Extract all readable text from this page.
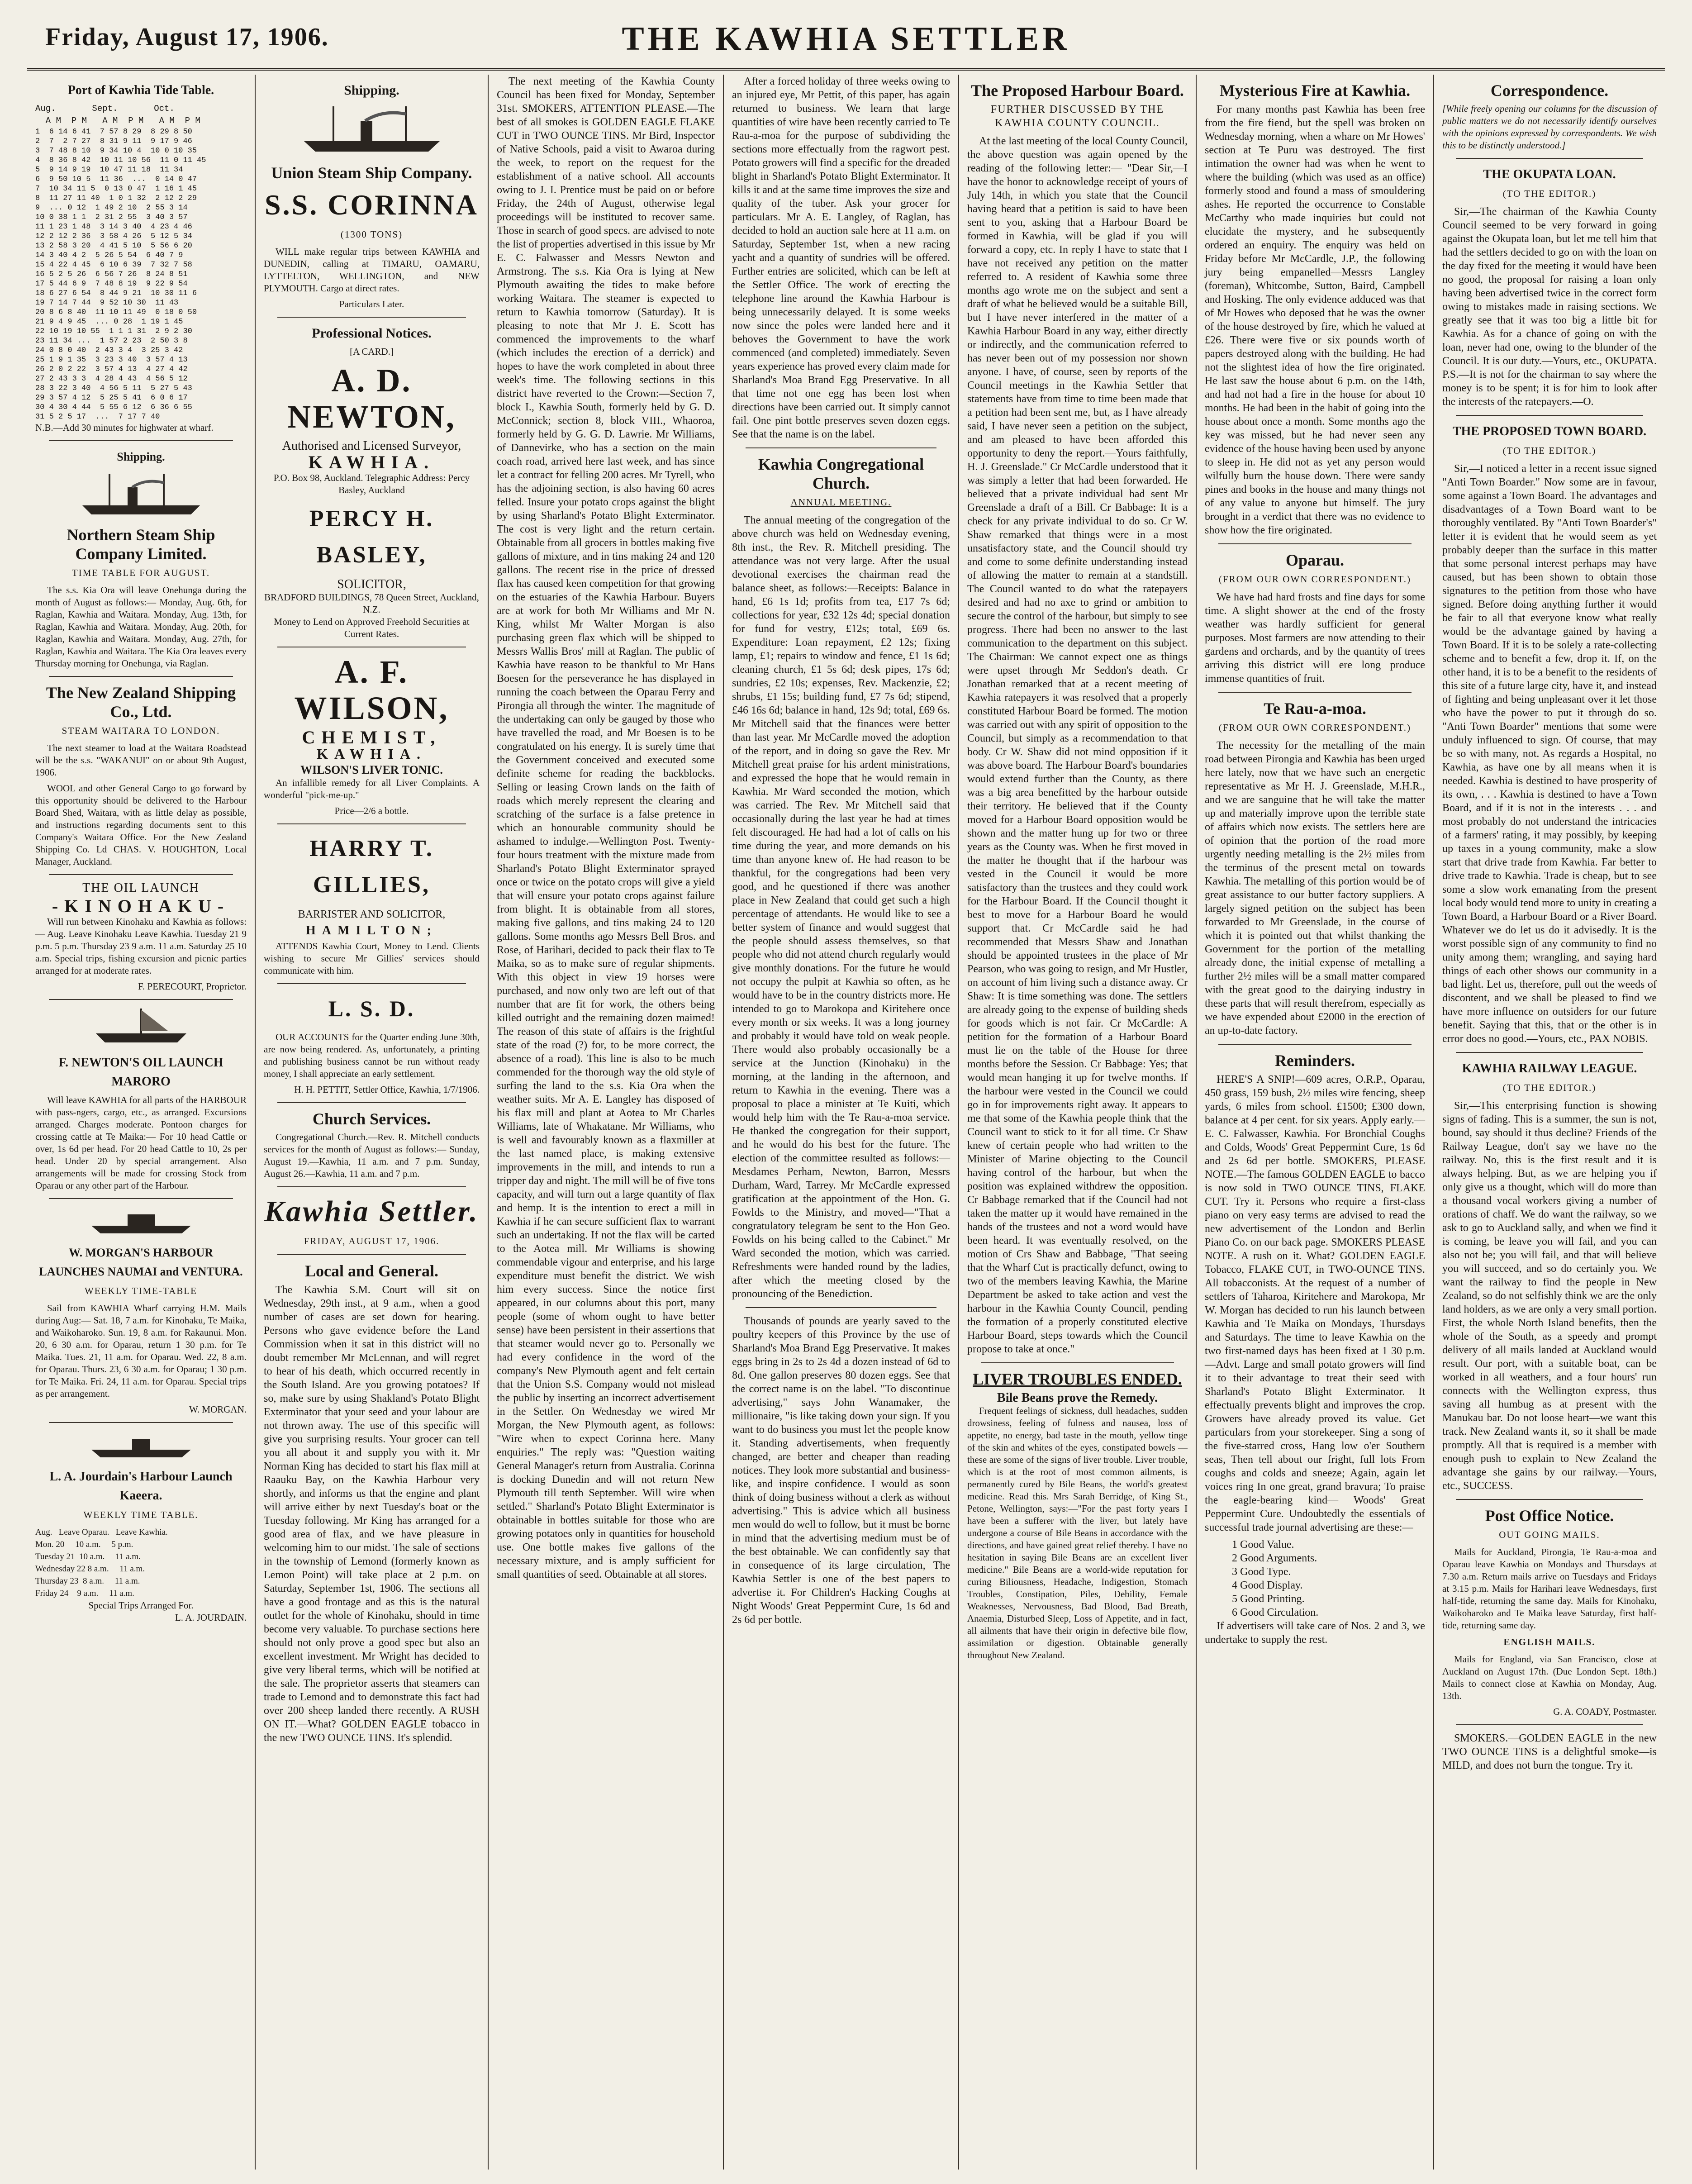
Friday, August 17, 1906.	THE KAWHIA SETTLER
Port of Kawhia Tide Table.
Aug.       Sept.       Oct.
A M  P M   A M  P M   A M  P M
1  6 14 6 41  7 57 8 29  8 29 8 50
2  7  2 7 27  8 31 9 11  9 17 9 46
3  7 48 8 10  9 34 10 4  10 0 10 35
4  8 36 8 42  10 11 10 56  11 0 11 45
5  9 14 9 19  10 47 11 18  11 34
6  9 50 10 5  11 36  ...  0 14 0 47
7  10 34 11 5  0 13 0 47  1 16 1 45
8  11 27 11 40  1 0 1 32  2 12 2 29
9  ... 0 12  1 49 2 10  2 55 3 14
10 0 38 1 1  2 31 2 55  3 40 3 57
11 1 23 1 48  3 14 3 40  4 23 4 46
12 2 12 2 36  3 58 4 26  5 12 5 34
13 2 58 3 20  4 41 5 10  5 56 6 20
14 3 40 4 2  5 26 5 54  6 40 7 9
15 4 22 4 45  6 10 6 39  7 32 7 58
16 5 2 5 26  6 56 7 26  8 24 8 51
17 5 44 6 9  7 48 8 19  9 22 9 54
18 6 27 6 54  8 44 9 21  10 30 11 6
19 7 14 7 44  9 52 10 30  11 43
20 8 6 8 40  11 10 11 49  0 18 0 50
21 9 4 9 45  ... 0 28  1 19 1 45
22 10 19 10 55  1 1 1 31  2 9 2 30
23 11 34 ...  1 57 2 23  2 50 3 8
24 0 8 0 40  2 43 3 4  3 25 3 42
25 1 9 1 35  3 23 3 40  3 57 4 13
26 2 0 2 22  3 57 4 13  4 27 4 42
27 2 43 3 3  4 28 4 43  4 56 5 12
28 3 22 3 40  4 56 5 11  5 27 5 43
29 3 57 4 12  5 25 5 41  6 0 6 17
30 4 30 4 44  5 55 6 12  6 36 6 55
31 5 2 5 17  ...  7 17 7 40
N.B.—Add 30 minutes for highwater at wharf.
Shipping.
Northern Steam Ship Company Limited.
TIME TABLE FOR AUGUST.
The s.s. Kia Ora will leave Onehunga during the month of August as follows:— Monday, Aug. 6th, for Raglan, Kawhia and Waitara. Monday, Aug. 13th, for Raglan, Kawhia and Waitara. Monday, Aug. 20th, for Raglan, Kawhia and Waitara. Monday, Aug. 27th, for Raglan, Kawhia and Waitara. The Kia Ora leaves every Thursday morning for Onehunga, via Raglan.
The New Zealand Shipping Co., Ltd.
STEAM WAITARA TO LONDON.
The next steamer to load at the Waitara Roadstead will be the s.s. "WAKANUI" on or about 9th August, 1906.
WOOL and other General Cargo to go forward by this opportunity should be delivered to the Harbour Board Shed, Waitara, with as little delay as possible, and instructions regarding documents sent to this Company's Waitara Office. For the New Zealand Shipping Co. Ld CHAS. V. HOUGHTON, Local Manager, Auckland.
THE OIL LAUNCH
-KINOHAKU-
Will run between Kinohaku and Kawhia as follows:— Aug. Leave Kinohaku Leave Kawhia. Tuesday 21 9 p.m. 5 p.m. Thursday 23 9 a.m. 11 a.m. Saturday 25 10 a.m. Special trips, fishing excursion and picnic parties arranged for at moderate rates.
F. PERECOURT, Proprietor.
F. NEWTON'S OIL LAUNCH MARORO
Will leave KAWHIA for all parts of the HARBOUR with pass-ngers, cargo, etc., as arranged. Excursions arranged. Charges moderate. Pontoon charges for crossing cattle at Te Maika:— For 10 head Cattle or over, 1s 6d per head. For 20 head Cattle to 10, 2s per head. Under 20 by special arrangement. Also arrangements will be made for crossing Stock from Oparau or any other part of the Harbour.
W. MORGAN'S HARBOUR LAUNCHES NAUMAI and VENTURA.
WEEKLY TIME-TABLE
Sail from KAWHIA Wharf carrying H.M. Mails during Aug:— Sat. 18, 7 a.m. for Kinohaku, Te Maika, and Waikoharoko. Sun. 19, 8 a.m. for Rakaunui. Mon. 20, 6 30 a.m. for Oparau, return 1 30 p.m. for Te Maika. Tues. 21, 11 a.m. for Oparau. Wed. 22, 8 a.m. for Oparau. Thurs. 23, 6 30 a.m. for Oparau; 1 30 p.m. for Te Maika. Fri. 24, 11 a.m. for Oparau. Special trips as per arrangement.
W. MORGAN.
L. A. Jourdain's Harbour Launch Kaeera.
WEEKLY TIME TABLE.
Aug.   Leave Oparau.   Leave Kawhia.
Mon. 20     10 a.m.     5 p.m.
Tuesday 21  10 a.m.     11 a.m.
Wednesday 22 8 a.m.     11 a.m.
Thursday 23  8 a.m.     11 a.m.
Friday 24    9 a.m.     11 a.m.
Special Trips Arranged For.
L. A. JOURDAIN.
Shipping.
Union Steam Ship Company.
S.S. CORINNA
(1300 TONS)
WILL make regular trips between KAWHIA and DUNEDIN, calling at TIMARU, OAMARU, LYTTELTON, WELLINGTON, and NEW PLYMOUTH. Cargo at direct rates.
Particulars Later.
Professional Notices.
[A CARD.]
A. D. NEWTON,
Authorised and Licensed Surveyor,
KAWHIA.
P.O. Box 98, Auckland. Telegraphic Address: Percy Basley, Auckland
PERCY H. BASLEY,
SOLICITOR,
BRADFORD BUILDINGS, 78 Queen Street, Auckland, N.Z.
Money to Lend on Approved Freehold Securities at Current Rates.
A. F. WILSON,
CHEMIST,
KAWHIA.
WILSON'S LIVER TONIC.
An infallible remedy for all Liver Complaints. A wonderful "pick-me-up."
Price—2/6 a bottle.
HARRY T. GILLIES,
BARRISTER AND SOLICITOR,
HAMILTON;
ATTENDS Kawhia Court, Money to Lend. Clients wishing to secure Mr Gillies' services should communicate with him.
L. S. D.
OUR ACCOUNTS for the Quarter ending June 30th, are now being rendered. As, unfortunately, a printing and publishing business cannot be run without ready money, I shall appreciate an early settlement.
H. H. PETTIT, Settler Office, Kawhia, 1/7/1906.
Church Services.
Congregational Church.—Rev. R. Mitchell conducts services for the month of August as follows:— Sunday, August 19.—Kawhia, 11 a.m. and 7 p.m. Sunday, August 26.—Kawhia, 11 a.m. and 7 p.m.
Kawhia Settler.
FRIDAY, AUGUST 17, 1906.
Local and General.
The Kawhia S.M. Court will sit on Wednesday, 29th inst., at 9 a.m., when a good number of cases are set down for hearing. Persons who gave evidence before the Land Commission when it sat in this district will no doubt remember Mr McLennan, and will regret to hear of his death, which occurred recently in the South Island. Are you growing potatoes? If so, make sure by using Shakland's Potato Blight Exterminator that your seed and your labour are not thrown away. The use of this specific will give you surprising results. Your grocer can tell you all about it and supply you with it. Mr Norman King has decided to start his flax mill at Raauku Bay, on the Kawhia Harbour very shortly, and informs us that the engine and plant will arrive either by next Tuesday's boat or the Tuesday following. Mr King has arranged for a good area of flax, and we have pleasure in welcoming him to our midst. The sale of sections in the township of Lemond (formerly known as Lemon Point) will take place at 2 p.m. on Saturday, September 1st, 1906. The sections all have a good frontage and as this is the natural outlet for the whole of Kinohaku, should in time become very valuable. To purchase sections here should not only prove a good spec but also an excellent investment. Mr Wright has decided to give very liberal terms, which will be notified at the sale. The proprietor asserts that steamers can trade to Lemond and to demonstrate this fact had over 200 sheep landed there recently. A RUSH ON IT.—What? GOLDEN EAGLE tobacco in the new TWO OUNCE TINS. It's splendid.
The next meeting of the Kawhia County Council has been fixed for Monday, September 31st. SMOKERS, ATTENTION PLEASE.—The best of all smokes is GOLDEN EAGLE FLAKE CUT in TWO OUNCE TINS. Mr Bird, Inspector of Native Schools, paid a visit to Awaroa during the week, to report on the request for the establishment of a native school. All accounts owing to J. I. Prentice must be paid on or before Friday, the 24th of August, otherwise legal proceedings will be instituted to recover same. Those in search of good specs. are advised to note the list of properties advertised in this issue by Mr E. C. Falwasser and Messrs Newton and Armstrong. The s.s. Kia Ora is lying at New Plymouth awaiting the tides to make before working Waitara. The steamer is expected to return to Kawhia tomorrow (Saturday). It is pleasing to note that Mr J. E. Scott has commenced the improvements to the wharf (which includes the erection of a derrick) and hopes to have the work completed in about three week's time. The following sections in this district have reverted to the Crown:—Section 7, block I., Kawhia South, formerly held by G. D. McConnick; section 8, block VIII., Whaoroa, formerly held by G. G. D. Lawrie. Mr Williams, of Dannevirke, who has a section on the main coach road, arrived here last week, and has since let a contract for felling 200 acres. Mr Tyrell, who has the adjoining section, is also having 60 acres felled. Insure your potato crops against the blight by using Sharland's Potato Blight Exterminator. The cost is very light and the return certain. Obtainable from all grocers in bottles making five gallons of mixture, and in tins making 24 and 120 gallons. The recent rise in the price of dressed flax has caused keen competition for that growing on the estuaries of the Kawhia Harbour. Buyers are at work for both Mr Williams and Mr N. King, whilst Mr Walter Morgan is also purchasing green flax which will be shipped to Messrs Wallis Bros' mill at Raglan. The public of Kawhia have reason to be thankful to Mr Hans Boesen for the perseverance he has displayed in running the coach between the Oparau Ferry and Pirongia all through the winter. The magnitude of the undertaking can only be gauged by those who have travelled the road, and Mr Boesen is to be congratulated on his energy. It is surely time that the Government conceived and executed some definite scheme for reading the backblocks. Selling or leasing Crown lands on the faith of roads which merely represent the clearing and scratching of the surface is a false pretence in which an honourable community should be ashamed to indulge.—Wellington Post. Twenty-four hours treatment with the mixture made from Sharland's Potato Blight Exterminator sprayed once or twice on the potato crops will give a yield that will ensure your potato crops against failure from blight. It is obtainable from all stores, making five gallons, and tins making 24 to 120 gallons. Some months ago Messrs Bell Bros. and Rose, of Harihari, decided to pack their flax to Te Maika, so as to make sure of regular shipments. With this object in view 19 horses were purchased, and now only two are left out of that number that are fit for work, the others being killed outright and the remaining dozen maimed! The reason of this state of affairs is the frightful state of the road (?) for, to be more correct, the absence of a road). This line is also to be much commended for the thorough way the old style of surfing the land to the s.s. Kia Ora when the weather suits. Mr A. E. Langley has disposed of his flax mill and plant at Aotea to Mr Charles Williams, late of Whakatane. Mr Williams, who is well and favourably known as a flaxmiller at the last named place, is making extensive improvements in the mill, and intends to run a tripper day and night. The mill will be of five tons capacity, and will turn out a large quantity of flax and hemp. It is the intention to erect a mill in Kawhia if he can secure sufficient flax to warrant such an undertaking. If not the flax will be carted to the Aotea mill. Mr Williams is showing commendable vigour and enterprise, and his large expenditure must benefit the district. We wish him every success. Since the notice first appeared, in our columns about this port, many people (some of whom ought to have better sense) have been persistent in their assertions that that steamer would never go to. Personally we had every confidence in the word of the company's New Plymouth agent and felt certain that the Union S.S. Company would not mislead the public by inserting an incorrect advertisement in the Settler. On Wednesday we wired Mr Morgan, the New Plymouth agent, as follows: "Wire when to expect Corinna here. Many enquiries." The reply was: "Question waiting General Manager's return from Australia. Corinna is docking Dunedin and will not return New Plymouth till tenth September. Will wire when settled." Sharland's Potato Blight Exterminator is obtainable in bottles suitable for those who are growing potatoes only in quantities for household use. One bottle makes five gallons of the necessary mixture, and is amply sufficient for small quantities of seed. Obtainable at all stores.
After a forced holiday of three weeks owing to an injured eye, Mr Pettit, of this paper, has again returned to business. We learn that large quantities of wire have been recently carried to Te Rau-a-moa for the purpose of subdividing the sections more effectually from the ragwort pest. Potato growers will find a specific for the dreaded blight in Sharland's Potato Blight Exterminator. It kills it and at the same time improves the size and quality of the tuber. Ask your grocer for particulars. Mr A. E. Langley, of Raglan, has decided to hold an auction sale here at 11 a.m. on Saturday, September 1st, when a new racing yacht and a quantity of sundries will be offered. Further entries are solicited, which can be left at the Settler Office. The work of erecting the telephone line around the Kawhia Harbour is being unnecessarily delayed. It is some weeks now since the poles were landed here and it behoves the Government to have the work commenced (and completed) immediately. Seven years experience has proved every claim made for Sharland's Moa Brand Egg Preservative. In all that time not one egg has been lost when directions have been carried out. It simply cannot fail. One pint bottle preserves seven dozen eggs. See that the name is on the label.
Kawhia Congregational Church.
ANNUAL MEETING.
The annual meeting of the congregation of the above church was held on Wednesday evening, 8th inst., the Rev. R. Mitchell presiding. The attendance was not very large. After the usual devotional exercises the chairman read the balance sheet, as follows:—Receipts: Balance in hand, £6 1s 1d; profits from tea, £17 7s 6d; collections for year, £32 12s 4d; special donation for fund for vestry, £12s; total, £69 6s. Expenditure: Loan repayment, £2 12s; fixing lamp, £1; repairs to window and fence, £1 1s 6d; cleaning church, £1 5s 6d; desk pipes, 17s 6d; sundries, £2 10s; expenses, Rev. Mackenzie, £2; shrubs, £1 15s; building fund, £7 7s 6d; stipend, £46 16s 6d; balance in hand, 12s 9d; total, £69 6s. Mr Mitchell said that the finances were better than last year. Mr McCardle moved the adoption of the report, and in doing so gave the Rev. Mr Mitchell great praise for his ardent ministrations, and expressed the hope that he would remain in Kawhia. Mr Ward seconded the motion, which was carried. The Rev. Mr Mitchell said that occasionally during the last year he had at times felt discouraged. He had had a lot of calls on his time during the year, and more demands on his time than anyone knew of. He had reason to be thankful, for the congregations had been very good, and he questioned if there was another place in New Zealand that could get such a high percentage of attendants. He would like to see a better system of finance and would suggest that the people should assess themselves, so that people who did not attend church regularly would give monthly donations. For the future he would not occupy the pulpit at Kawhia so often, as he would have to be in the country districts more. He intended to go to Marokopa and Kiritehere once every month or six weeks. It was a long journey and probably it would have told on weak people. There would also probably occasionally be a service at the Junction (Kinohaku) in the morning, at the landing in the afternoon, and return to Kawhia in the evening. There was a proposal to place a minister at Te Kuiti, which would help him with the Te Rau-a-moa service. He thanked the congregation for their support, and he would do his best for the future. The election of the committee resulted as follows:—Mesdames Perham, Newton, Barron, Messrs Durham, Ward, Tarrey. Mr McCardle expressed gratification at the appointment of the Hon. G. Fowlds to the Ministry, and moved—"That a congratulatory telegram be sent to the Hon Geo. Fowlds on his being called to the Cabinet." Mr Ward seconded the motion, which was carried. Refreshments were handed round by the ladies, after which the meeting closed by the pronouncing of the Benediction.
Thousands of pounds are yearly saved to the poultry keepers of this Province by the use of Sharland's Moa Brand Egg Preservative. It makes eggs bring in 2s to 2s 4d a dozen instead of 6d to 8d. One gallon preserves 80 dozen eggs. See that the correct name is on the label. "To discontinue advertising," says John Wanamaker, the millionaire, "is like taking down your sign. If you want to do business you must let the people know it. Standing advertisements, when frequently changed, are better and cheaper than reading notices. They look more substantial and business-like, and inspire confidence. I would as soon think of doing business without a clerk as without advertising." This is advice which all business men would do well to follow, but it must be borne in mind that the advertising medium must be of the best obtainable. We can confidently say that in consequence of its large circulation, The Kawhia Settler is one of the best papers to advertise it. For Children's Hacking Coughs at Night Woods' Great Peppermint Cure, 1s 6d and 2s 6d per bottle.
The Proposed Harbour Board.
FURTHER DISCUSSED BY THE KAWHIA COUNTY COUNCIL.
At the last meeting of the local County Council, the above question was again opened by the reading of the following letter:— "Dear Sir,—I have the honor to acknowledge receipt of yours of July 14th, in which you state that the Council having heard that a petition is said to have been sent to you, asking that a Harbour Board be formed in Kawhia, will be glad if you will forward a copy, etc. In reply I have to state that I have not received any petition on the matter referred to. A resident of Kawhia some three months ago wrote me on the subject and sent a draft of what he believed would be a suitable Bill, but I have never interfered in the matter of a Kawhia Harbour Board in any way, either directly or indirectly, and the communication referred to has never been out of my possession nor shown anyone. I have, of course, seen by reports of the Council meetings in the Kawhia Settler that statements have from time to time been made that a petition had been sent me, but, as I have already said, I have never seen a petition on the subject, and am pleased to have been afforded this opportunity to deny the report.—Yours faithfully, H. J. Greenslade." Cr McCardle understood that it was simply a letter that had been forwarded. He believed that a private individual had sent Mr Greenslade a draft of a Bill. Cr Babbage: It is a check for any private individual to do so. Cr W. Shaw remarked that things were in a most unsatisfactory state, and the Council should try and come to some definite understanding instead of allowing the matter to remain at a standstill. The Council wanted to do what the ratepayers desired and had no axe to grind or ambition to secure the control of the harbour, but simply to see progress. There had been no answer to the last communication to the department on this subject. The Chairman: We cannot expect one as things were upset through Mr Seddon's death. Cr Jonathan remarked that at a recent meeting of Kawhia ratepayers it was resolved that a properly constituted Harbour Board be formed. The motion was carried out with any spirit of opposition to the Council, but simply as a recommendation to that body. Cr W. Shaw did not mind opposition if it was above board. The Harbour Board's boundaries would extend further than the County, as there was a big area benefitted by the harbour outside their territory. He believed that if the County moved for a Harbour Board opposition would be shown and the matter hung up for two or three years as the County was. When he first moved in the matter he thought that if the harbour was vested in the Council it would be more satisfactory than the trustees and they could work for the Harbour Board. If the Council thought it best to move for a Harbour Board he would support that. Cr McCardle said he had recommended that Messrs Shaw and Jonathan should be appointed trustees in the place of Mr Pearson, who was going to resign, and Mr Hustler, on account of him living such a distance away. Cr Shaw: It is time something was done. The settlers are already going to the expense of building sheds for goods which is not fair. Cr McCardle: A petition for the formation of a Harbour Board must lie on the table of the House for three months before the Session. Cr Babbage: Yes; that would mean hanging it up for twelve months. If the harbour were vested in the Council we could go in for improvements right away. It appears to me that some of the Kawhia people think that the Council want to stick to it for all time. Cr Shaw knew of certain people who had written to the Minister of Marine objecting to the Council having control of the harbour, but when the position was explained withdrew the opposition. Cr Babbage remarked that if the Council had not taken the matter up it would have remained in the hands of the trustees and not a word would have been heard. It was eventually resolved, on the motion of Crs Shaw and Babbage, "That seeing that the Wharf Cut is practically defunct, owing to two of the members leaving Kawhia, the Marine Department be asked to take action and vest the harbour in the Kawhia County Council, pending the formation of a properly constituted elective Harbour Board, steps towards which the Council propose to take at once."
LIVER TROUBLES ENDED.
Bile Beans prove the Remedy.
Frequent feelings of sickness, dull headaches, sudden drowsiness, feeling of fulness and nausea, loss of appetite, no energy, bad taste in the mouth, yellow tinge of the skin and whites of the eyes, constipated bowels —these are some of the signs of liver trouble. Liver trouble, which is at the root of most common ailments, is permanently cured by Bile Beans, the world's greatest medicine. Read this. Mrs Sarah Berridge, of King St., Petone, Wellington, says:—"For the past forty years I have been a sufferer with the liver, but lately have undergone a course of Bile Beans in accordance with the directions, and have gained great relief thereby. I have no hesitation in saying Bile Beans are an excellent liver medicine." Bile Beans are a world-wide reputation for curing Biliousness, Headache, Indigestion, Stomach Troubles, Constipation, Piles, Debility, Female Weaknesses, Nervousness, Bad Blood, Bad Breath, Anaemia, Disturbed Sleep, Loss of Appetite, and in fact, all ailments that have their origin in defective bile flow, assimilation or digestion. Obtainable generally throughout New Zealand.
Mysterious Fire at Kawhia.
For many months past Kawhia has been free from the fire fiend, but the spell was broken on Wednesday morning, when a whare on Mr Howes' section at Te Puru was destroyed. The first intimation the owner had was when he went to where the building (which was used as an office) formerly stood and found a mass of smouldering ashes. He reported the occurrence to Constable McCarthy who made inquiries but could not elucidate the mystery, and he subsequently ordered an enquiry. The enquiry was held on Friday before Mr McCardle, J.P., the following jury being empanelled—Messrs Langley (foreman), Whitcombe, Sutton, Baird, Campbell and Hosking. The only evidence adduced was that of Mr Howes who deposed that he was the owner of the house destroyed by fire, which he valued at £26. There were five or six pounds worth of papers destroyed along with the building. He had not the slightest idea of how the fire originated. He last saw the house about 6 p.m. on the 14th, and had not had a fire in the house for about 10 months. He had been in the habit of going into the house about once a month. Some months ago the key was missed, but he had never seen any evidence of the house having been used by anyone to sleep in. He did not as yet any person would wilfully burn the house down. There were sandy pines and books in the house and many things not of any value to anyone but himself. The jury brought in a verdict that there was no evidence to show how the fire originated.
Oparau.
(FROM OUR OWN CORRESPONDENT.)
We have had hard frosts and fine days for some time. A slight shower at the end of the frosty weather was hardly sufficient for general purposes. Most farmers are now attending to their gardens and orchards, and by the quantity of trees arriving this district will ere long produce immense quantities of fruit.
Te Rau-a-moa.
(FROM OUR OWN CORRESPONDENT.)
The necessity for the metalling of the main road between Pirongia and Kawhia has been urged here lately, now that we have such an energetic representative as Mr H. J. Greenslade, M.H.R., and we are sanguine that he will take the matter up and materially improve upon the terrible state of affairs which now exists. The settlers here are of opinion that the portion of the road more urgently needing metalling is the 2½ miles from the terminus of the present metal on towards Kawhia. The metalling of this portion would be of great assistance to our butter factory suppliers. A largely signed petition on the subject has been forwarded to Mr Greenslade, in the course of which it is pointed out that whilst thanking the Government for the portion of the metalling already done, the initial expense of metalling a further 2½ miles will be a small matter compared with the great good to the dairying industry in these parts that will result therefrom, especially as we have expended about £2000 in the erection of an up-to-date factory.
Reminders.
HERE'S A SNIP!—609 acres, O.R.P., Oparau, 450 grass, 159 bush, 2½ miles wire fencing, sheep yards, 6 miles from school. £1500; £300 down, balance at 4 per cent. for six years. Apply early.—E. C. Falwasser, Kawhia. For Bronchial Coughs and Colds, Woods' Great Peppermint Cure, 1s 6d and 2s 6d per bottle. SMOKERS, PLEASE NOTE.—The famous GOLDEN EAGLE to bacco is now sold in TWO OUNCE TINS, FLAKE CUT. Try it. Persons who require a first-class piano on very easy terms are advised to read the new advertisement of the London and Berlin Piano Co. on our back page. SMOKERS PLEASE NOTE. A rush on it. What? GOLDEN EAGLE Tobacco, FLAKE CUT, in TWO-OUNCE TINS. All tobacconists. At the request of a number of settlers of Taharoa, Kiritehere and Marokopa, Mr W. Morgan has decided to run his launch between Kawhia and Te Maika on Mondays, Thursdays and Saturdays. The time to leave Kawhia on the two first-named days has been fixed at 1 30 p.m.—Advt. Large and small potato growers will find it to their advantage to treat their seed with Sharland's Potato Blight Exterminator. It effectually prevents blight and improves the crop. Growers have already proved its value. Get particulars from your storekeeper. Sing a song of the five-starred cross, Hang low o'er Southern seas, Then tell about our fright, full lots From coughs and colds and sneeze; Again, again let voices ring In one great, grand bravura; To praise the eagle-bearing kind— Woods' Great Peppermint Cure. Undoubtedly the essentials of successful trade journal advertising are these:—
1 Good Value.
2 Good Arguments.
3 Good Type.
4 Good Display.
5 Good Printing.
6 Good Circulation.
If advertisers will take care of Nos. 2 and 3, we undertake to supply the rest.
Correspondence.
[While freely opening our columns for the discussion of public matters we do not necessarily identify ourselves with the opinions expressed by correspondents. We wish this to be distinctly understood.]
THE OKUPATA LOAN.
(TO THE EDITOR.)
Sir,—The chairman of the Kawhia County Council seemed to be very forward in going against the Okupata loan, but let me tell him that had the settlers decided to go on with the loan on the day fixed for the meeting it would have been no good, the proposal for raising a loan only having been advertised twice in the correct form owing to mistakes made in raising sections. We greatly see that it was too big a little bit for Kawhia. As for a chance of going on with the loan, never had one, owing to the blunder of the Council. It is our duty.—Yours, etc., OKUPATA. P.S.—It is not for the chairman to say where the money is to be spent; it is for him to look after the interests of the ratepayers.—O.
THE PROPOSED TOWN BOARD.
(TO THE EDITOR.)
Sir,—I noticed a letter in a recent issue signed "Anti Town Boarder." Now some are in favour, some against a Town Board. The advantages and disadvantages of a Town Board want to be thoroughly ventilated. By "Anti Town Boarder's" letter it is evident that he would seem as yet probably deeper than the surface in this matter that some personal interest perhaps may have caused, but has been shown to obtain those signatures to the petition from those who have signed. Before doing anything further it would be fair to all that everyone know what really would be the advantage gained by having a Town Board. If it is to be solely a rate-collecting scheme and to benefit a few, drop it. If, on the other hand, it is to be a benefit to the residents of this site of a future large city, have it, and instead of fighting and being unpleasant over it let those who have the power to put it through do so. "Anti Town Boarder" mentions that some were unduly influenced to sign. Of course, that may be so with many, not. As regards a Hospital, no Kawhia, as have one by all means when it is needed. Kawhia is destined to have prosperity of its own, . . . Kawhia is destined to have a Town Board, and if it is not in the interests . . . and most probably do not understand the intricacies of a farmers' rating, it may possibly, by keeping up taxes in a young community, make a slow start that drive trade from Kawhia. Far better to drive trade to Kawhia. Trade is cheap, but to see some a slow work emanating from the present local body would tend more to unity in creating a Town Board, a Harbour Board or a River Board. Whatever we do let us do it advisedly. It is the worst possible sign of any community to find no unity among them; wrangling, and saying hard things of each other shows our community in a bad light. Let us, therefore, pull out the weeds of discontent, and we shall be pleased to find we have more influence on outsiders for our future benefit. Saying that this, that or the other is in error does no good.—Yours, etc., PAX NOBIS.
KAWHIA RAILWAY LEAGUE.
(TO THE EDITOR.)
Sir,—This enterprising function is showing signs of fading. This is a summer, the sun is not, bound, say should it thus decline? Friends of the Railway League, don't say we have no the railway. No, this is the first result and it is always helping. But, as we are helping you if only give us a thought, which will do more than a thousand vocal workers giving a number of orations of chaff. We do want the railway, so we ask to go to Auckland sally, and when we find it is coming, be leave you will fail, and you can also not be; you will fail, and that will believe you will succeed, and so do certainly you. We want the railway to find the people in New Zealand, so do not selfishly think we are the only land holders, as we are only a very small portion. First, the whole North Island benefits, then the whole of the South, as a speedy and prompt delivery of all mails landed at Auckland would result. Our port, with a suitable boat, can be worked in all weathers, and a four hours' run connects with the Wellington express, thus saving all humbug as at present with the Manukau bar. Do not loose heart—we want this track. New Zealand wants it, so it shall be made promptly. All that is required is a member with enough push to explain to New Zealand the advantage she gains by our railway.—Yours, etc., SUCCESS.
Post Office Notice.
OUT GOING MAILS.
Mails for Auckland, Pirongia, Te Rau-a-moa and Oparau leave Kawhia on Mondays and Thursdays at 7.30 a.m. Return mails arrive on Tuesdays and Fridays at 3.15 p.m. Mails for Harihari leave Wednesdays, first half-tide, returning the same day. Mails for Kinohaku, Waikoharoko and Te Maika leave Saturday, first half-tide, returning same day.
ENGLISH MAILS.
Mails for England, via San Francisco, close at Auckland on August 17th. (Due London Sept. 18th.) Mails to connect close at Kawhia on Monday, Aug. 13th.
G. A. COADY, Postmaster.
SMOKERS.—GOLDEN EAGLE in the new TWO OUNCE TINS is a delightful smoke—is MILD, and does not burn the tongue. Try it.
